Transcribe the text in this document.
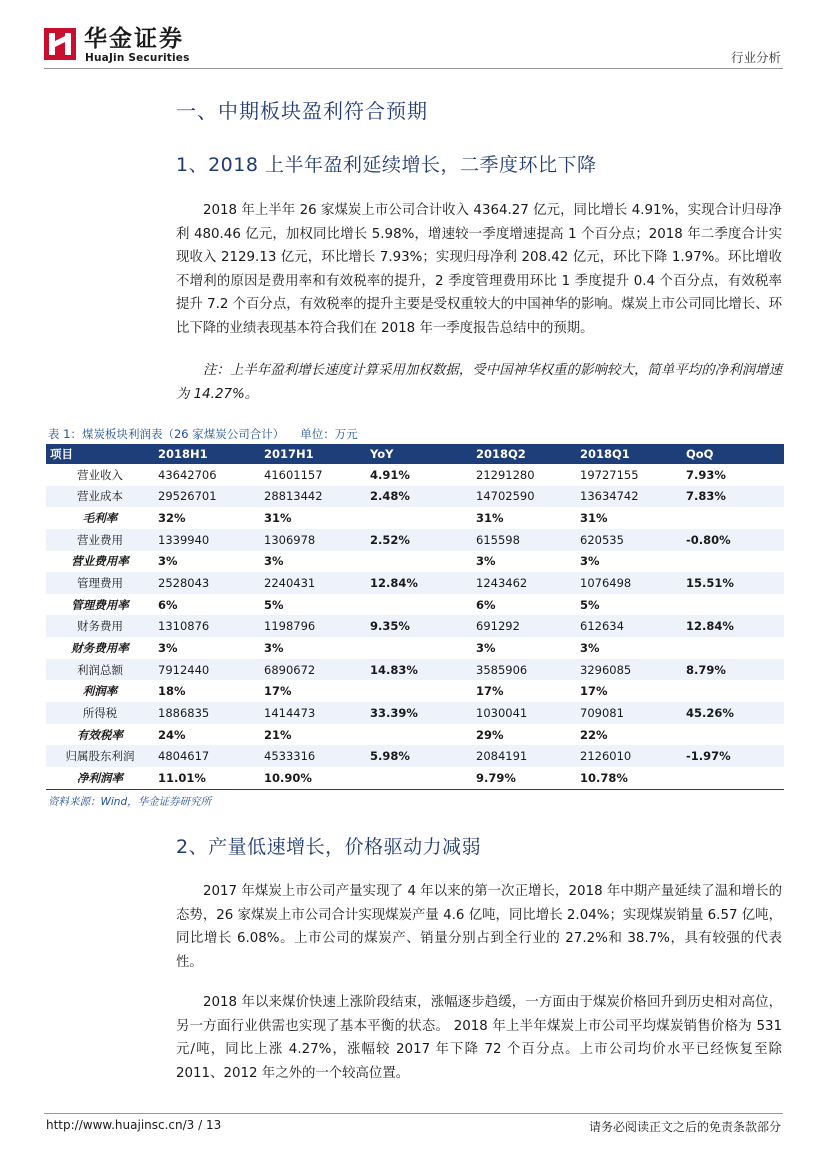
华金证券
HuaJin Securities	行业分析
一、中期板块盈利符合预期
1、2018 上半年盈利延续增长，二季度环比下降

2018 年上半年 26 家煤炭上市公司合计收入 4364.27 亿元，同比增长 4.91%，实现合计归母净利 480.46 亿元，加权同比增长 5.98%，增速较一季度增速提高 1 个百分点；2018 年二季度合计实现收入 2129.13 亿元，环比增长 7.93%；实现归母净利 208.42 亿元，环比下降 1.97%。环比增收不增利的原因是费用率和有效税率的提升，2 季度管理费用环比 1 季度提升 0.4 个百分点，有效税率提升 7.2 个百分点，有效税率的提升主要是受权重较大的中国神华的影响。煤炭上市公司同比增长、环比下降的业绩表现基本符合我们在 2018 年一季度报告总结中的预期。

注：上半年盈利增长速度计算采用加权数据，受中国神华权重的影响较大，简单平均的净利润增速为 14.27%。

表 1：煤炭板块利润表（26 家煤炭公司合计） 单位：万元
项目	2018H1	2017H1	YoY	2018Q2	2018Q1	QoQ
营业收入	43642706	41601157	4.91%	21291280	19727155	7.93%
营业成本	29526701	28813442	2.48%	14702590	13634742	7.83%
毛利率	32%	31%		31%	31%	
营业费用	1339940	1306978	2.52%	615598	620535	-0.80%
营业费用率	3%	3%		3%	3%	
管理费用	2528043	2240431	12.84%	1243462	1076498	15.51%
管理费用率	6%	5%		6%	5%	
财务费用	1310876	1198796	9.35%	691292	612634	12.84%
财务费用率	3%	3%		3%	3%	
利润总额	7912440	6890672	14.83%	3585906	3296085	8.79%
利润率	18%	17%		17%	17%	
所得税	1886835	1414473	33.39%	1030041	709081	45.26%
有效税率	24%	21%		29%	22%	
归属股东利润	4804617	4533316	5.98%	2084191	2126010	-1.97%
净利润率	11.01%	10.90%		9.79%	10.78%	
资料来源：Wind，华金证券研究所
2、产量低速增长，价格驱动力减弱

2017 年煤炭上市公司产量实现了 4 年以来的第一次正增长，2018 年中期产量延续了温和增长的态势，26 家煤炭上市公司合计实现煤炭产量 4.6 亿吨，同比增长 2.04%；实现煤炭销量 6.57 亿吨，同比增长 6.08%。上市公司的煤炭产、销量分别占到全行业的 27.2%和 38.7%，具有较强的代表性。

2018 年以来煤价快速上涨阶段结束，涨幅逐步趋缓，一方面由于煤炭价格回升到历史相对高位，另一方面行业供需也实现了基本平衡的状态。 2018 年上半年煤炭上市公司平均煤炭销售价格为 531 元/吨，同比上涨 4.27%，涨幅较 2017 年下降 72 个百分点。上市公司均价水平已经恢复至除 2011、2012 年之外的一个较高位置。

http://www.huajinsc.cn/3 / 13	请务必阅读正文之后的免责条款部分
